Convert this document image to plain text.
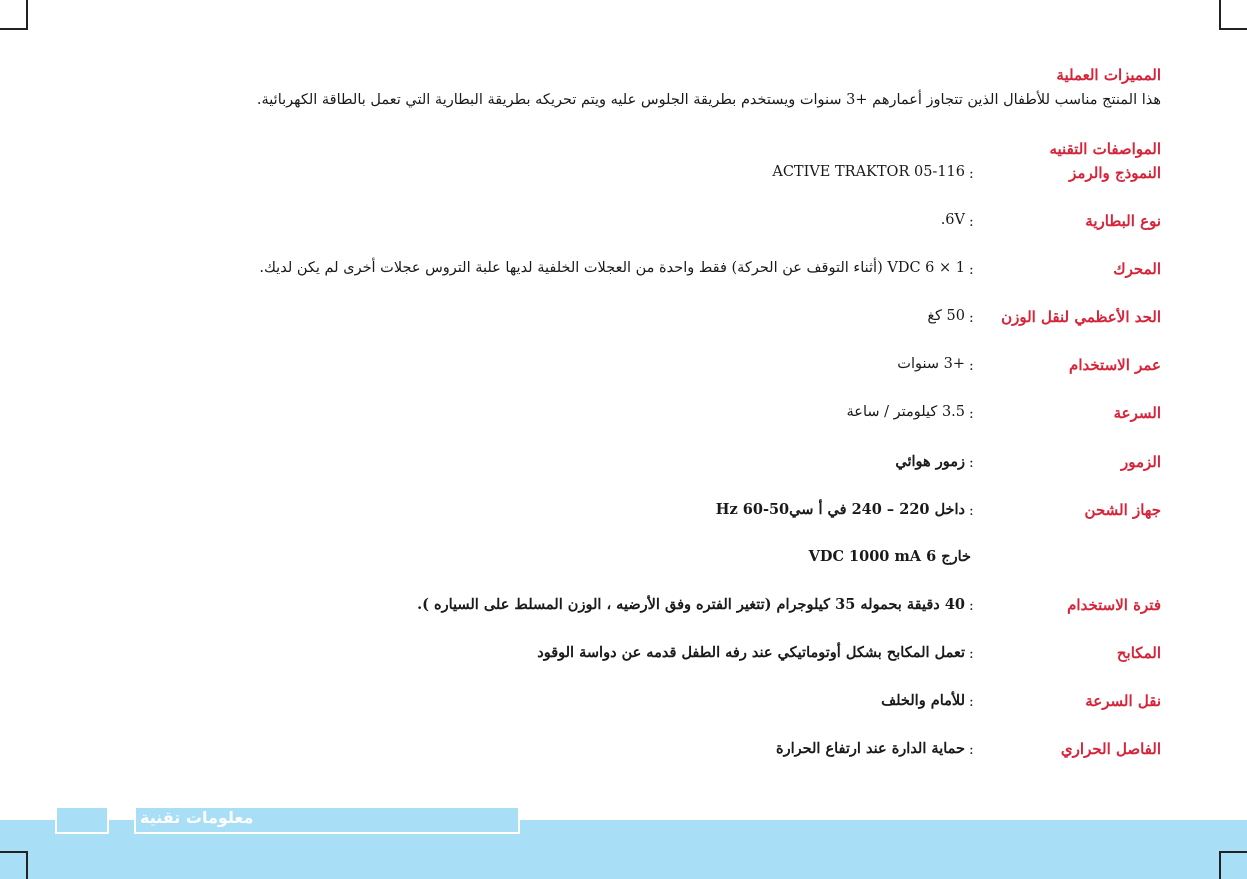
المميزات العملية
هذا المنتج مناسب للأطفال الذين تتجاوز أعمارهم +3 سنوات ويستخدم بطريقة الجلوس عليه ويتم تحريكه بطريقة البطارية التي تعمل بالطاقة الكهربائية.
المواصفات التقنيه
النموذج والرمز
:
ACTIVE TRAKTOR 05-116
نوع البطارية
:
6V.
المحرك
:
1 × 6 VDC (أثناء التوقف عن الحركة) فقط واحدة من العجلات الخلفية لديها علبة التروس عجلات أخرى لم يكن لديك.
الحد الأعظمي لنقل الوزن
:
50 كغ
عمر الاستخدام
:
+3 سنوات
السرعة
:
3.5 كيلومتر / ساعة
الزمور
:
زمور هوائي
جهاز الشحن
:
داخل 220 – 240 في أ سي50-60 Hz
خارج 6 VDC 1000 mA
فترة الاستخدام
:
40 دقيقة بحموله 35 كيلوجرام (تتغير الفتره وفق الأرضيه ، الوزن المسلط على السياره ).
المكابح
:
تعمل المكابح بشكل أوتوماتيكي عند رفه الطفل قدمه عن دواسة الوقود
نقل السرعة
:
للأمام والخلف
الفاصل الحراري
:
حماية الدارة عند ارتفاع الحرارة
معلومات تقنية
